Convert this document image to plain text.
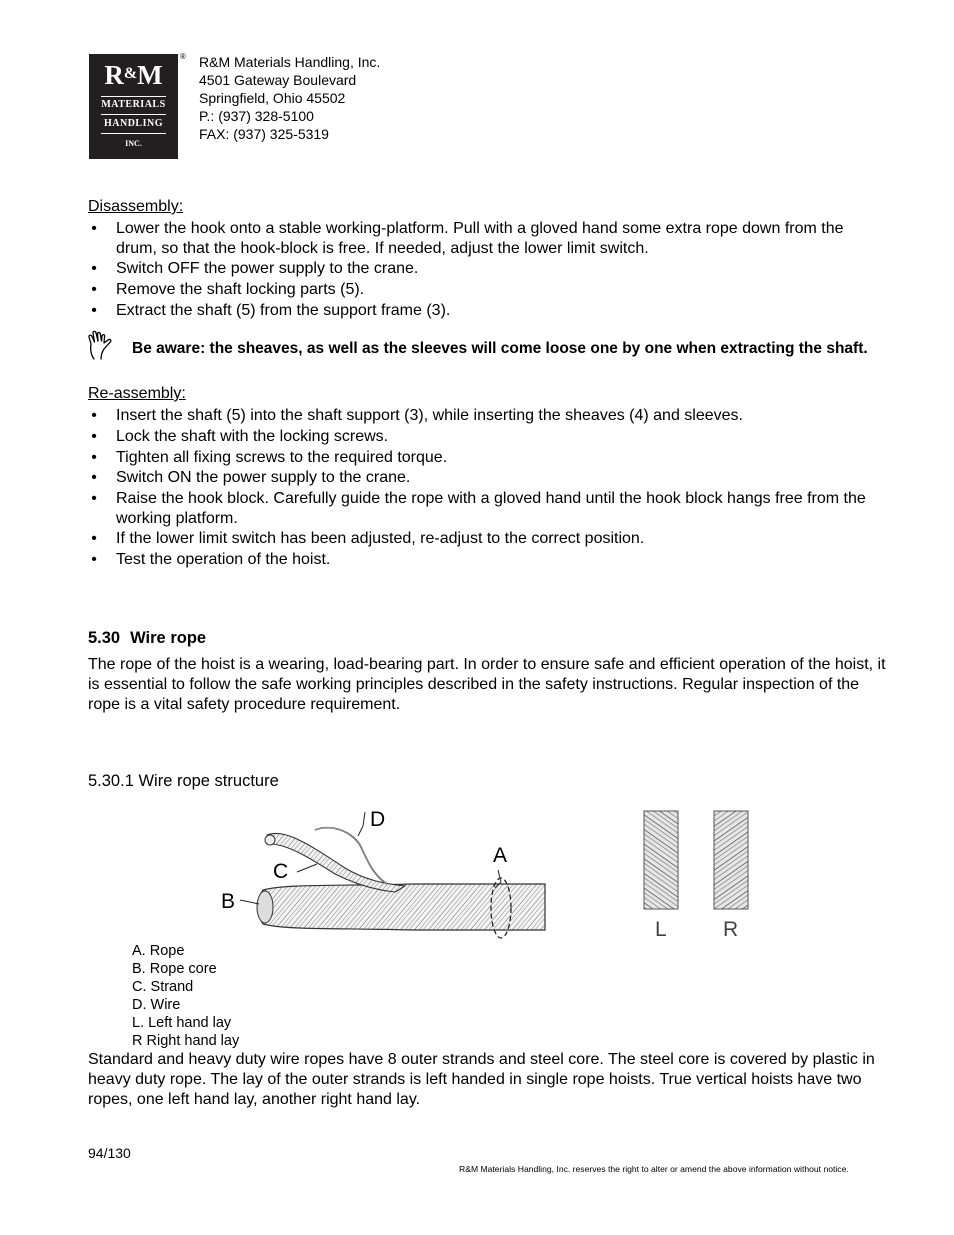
R&M
MATERIALS
HANDLING
INC.
® R&M Materials Handling, Inc.
4501 Gateway Boulevard
Springfield, Ohio 45502
P.: (937) 328-5100
FAX: (937) 325-5319
Disassembly:
• Lower the hook onto a stable working-platform. Pull with a gloved hand some extra rope down from the drum, so that the hook-block is free. If needed, adjust the lower limit switch.
• Switch OFF the power supply to the crane.
• Remove the shaft locking parts (5).
• Extract the shaft (5) from the support frame (3).
Be aware: the sheaves, as well as the sleeves will come loose one by one when extracting the shaft.
Re-assembly:
• Insert the shaft (5) into the shaft support (3), while inserting the sheaves (4) and sleeves.
• Lock the shaft with the locking screws.
• Tighten all fixing screws to the required torque.
• Switch ON the power supply to the crane.
• Raise the hook block. Carefully guide the rope with a gloved hand until the hook block hangs free from the working platform.
• If the lower limit switch has been adjusted, re-adjust to the correct position.
• Test the operation of the hoist.
5.30 Wire rope
The rope of the hoist is a wearing, load-bearing part. In order to ensure safe and efficient operation of the hoist, it is essential to follow the safe working principles described in the safety instructions. Regular inspection of the rope is a vital safety procedure requirement.
5.30.1 Wire rope structure
D
A
C
B
L	R
A. Rope
B. Rope core
C. Strand
D. Wire
L. Left hand lay
R Right hand lay
Standard and heavy duty wire ropes have 8 outer strands and steel core. The steel core is covered by plastic in heavy duty rope. The lay of the outer strands is left handed in single rope hoists. True vertical hoists have two ropes, one left hand lay, another right hand lay.
94/130
R&M Materials Handling, Inc. reserves the right to alter or amend the above information without notice.
